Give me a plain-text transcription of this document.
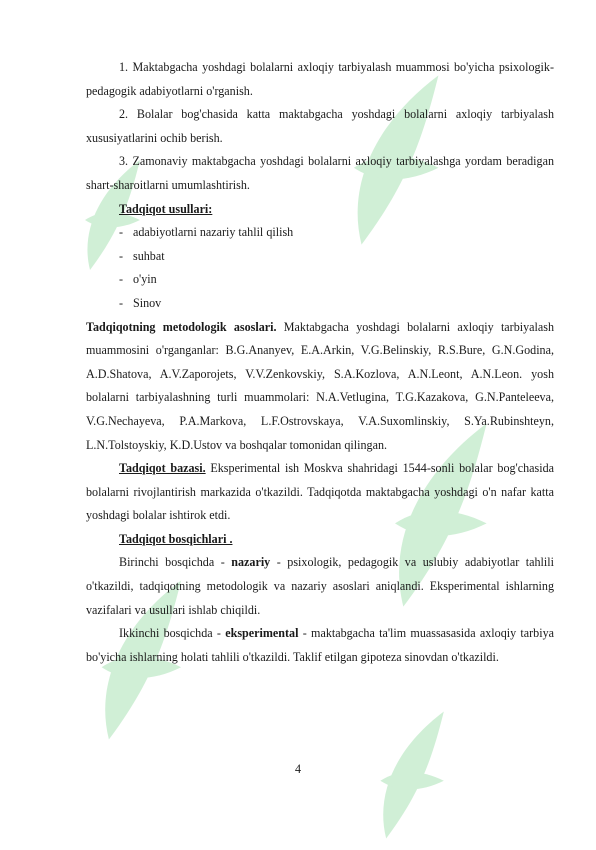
1. Maktabgacha yoshdagi bolalarni axloqiy tarbiyalash muammosi bo'yicha psixologik-pedagogik adabiyotlarni o'rganish.

2. Bolalar bog'chasida katta maktabgacha yoshdagi bolalarni axloqiy tarbiyalash xususiyatlarini ochib berish.

3. Zamonaviy maktabgacha yoshdagi bolalarni axloqiy tarbiyalashga yordam beradigan shart-sharoitlarni umumlashtirish.

Tadqiqot usullari:

- adabiyotlarni nazariy tahlil qilish
- suhbat
- o'yin
- Sinov

Tadqiqotning metodologik asoslari. Maktabgacha yoshdagi bolalarni axloqiy tarbiyalash muammosini o'rganganlar: B.G.Ananyev, E.A.Arkin, V.G.Belinskiy, R.S.Bure, G.N.Godina, A.D.Shatova, A.V.Zaporojets, V.V.Zenkovskiy, S.A.Kozlova, A.N.Leont, A.N.Leon. yosh bolalarni tarbiyalashning turli muammolari: N.A.Vetlugina, T.G.Kazakova, G.N.Panteleeva, V.G.Nechayeva, P.A.Markova, L.F.Ostrovskaya, V.A.Suxomlinskiy, S.Ya.Rubinshteyn, L.N.Tolstoyskiy, K.D.Ustov va boshqalar tomonidan qilingan.

Tadqiqot bazasi. Eksperimental ish Moskva shahridagi 1544-sonli bolalar bog'chasida bolalarni rivojlantirish markazida o'tkazildi. Tadqiqotda maktabgacha yoshdagi o'n nafar katta yoshdagi bolalar ishtirok etdi.

Tadqiqot bosqichlari .

Birinchi bosqichda - nazariy - psixologik, pedagogik va uslubiy adabiyotlar tahlili o'tkazildi, tadqiqotning metodologik va nazariy asoslari aniqlandi. Eksperimental ishlarning vazifalari va usullari ishlab chiqildi.

Ikkinchi bosqichda - eksperimental - maktabgacha ta'lim muassasasida axloqiy tarbiya bo'yicha ishlarning holati tahlili o'tkazildi. Taklif etilgan gipoteza sinovdan o'tkazildi.

4
